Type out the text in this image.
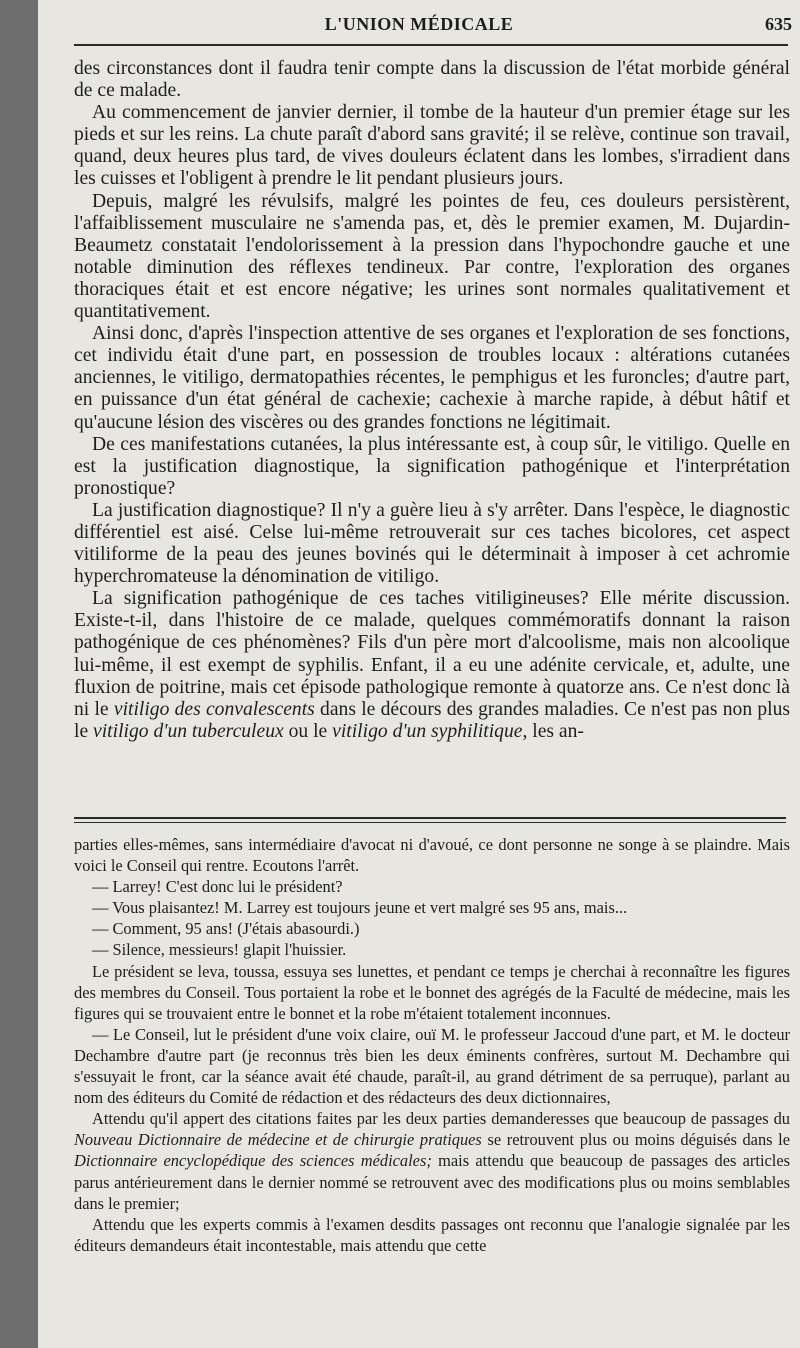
L'UNION MÉDICALE	635

des circonstances dont il faudra tenir compte dans la discussion de l'état morbide général de ce malade.

Au commencement de janvier dernier, il tombe de la hauteur d'un premier étage sur les pieds et sur les reins. La chute paraît d'abord sans gravité; il se relève, continue son travail, quand, deux heures plus tard, de vives douleurs éclatent dans les lombes, s'irradient dans les cuisses et l'obligent à prendre le lit pendant plusieurs jours.

Depuis, malgré les révulsifs, malgré les pointes de feu, ces douleurs persistèrent, l'affaiblissement musculaire ne s'amenda pas, et, dès le premier examen, M. Dujardin-Beaumetz constatait l'endolorissement à la pression dans l'hypochondre gauche et une notable diminution des réflexes tendineux. Par contre, l'exploration des organes thoraciques était et est encore négative; les urines sont normales qualitativement et quantitativement.

Ainsi donc, d'après l'inspection attentive de ses organes et l'exploration de ses fonctions, cet individu était d'une part, en possession de troubles locaux : altérations cutanées anciennes, le vitiligo, dermatopathies récentes, le pemphigus et les furoncles; d'autre part, en puissance d'un état général de cachexie; cachexie à marche rapide, à début hâtif et qu'aucune lésion des viscères ou des grandes fonctions ne légitimait.

De ces manifestations cutanées, la plus intéressante est, à coup sûr, le vitiligo. Quelle en est la justification diagnostique, la signification pathogénique et l'interprétation pronostique?

La justification diagnostique? Il n'y a guère lieu à s'y arrêter. Dans l'espèce, le diagnostic différentiel est aisé. Celse lui-même retrouverait sur ces taches bicolores, cet aspect vitiliforme de la peau des jeunes bovinés qui le déterminait à imposer à cet achromie hyperchromateuse la dénomination de vitiligo.

La signification pathogénique de ces taches vitiligineuses? Elle mérite discussion. Existe-t-il, dans l'histoire de ce malade, quelques commémoratifs donnant la raison pathogénique de ces phénomènes? Fils d'un père mort d'alcoolisme, mais non alcoolique lui-même, il est exempt de syphilis. Enfant, il a eu une adénite cervicale, et, adulte, une fluxion de poitrine, mais cet épisode pathologique remonte à quatorze ans. Ce n'est donc là ni le vitiligo des convalescents dans le décours des grandes maladies. Ce n'est pas non plus le vitiligo d'un tuberculeux ou le vitiligo d'un syphilitique, les an-

parties elles-mêmes, sans intermédiaire d'avocat ni d'avoué, ce dont personne ne songe à se plaindre. Mais voici le Conseil qui rentre. Ecoutons l'arrêt.

— Larrey! C'est donc lui le président?

— Vous plaisantez! M. Larrey est toujours jeune et vert malgré ses 95 ans, mais...

— Comment, 95 ans! (J'étais abasourdi.)

— Silence, messieurs! glapit l'huissier.

Le président se leva, toussa, essuya ses lunettes, et pendant ce temps je cherchai à reconnaître les figures des membres du Conseil. Tous portaient la robe et le bonnet des agrégés de la Faculté de médecine, mais les figures qui se trouvaient entre le bonnet et la robe m'étaient totalement inconnues.

— Le Conseil, lut le président d'une voix claire, ouï M. le professeur Jaccoud d'une part, et M. le docteur Dechambre d'autre part (je reconnus très bien les deux éminents confrères, surtout M. Dechambre qui s'essuyait le front, car la séance avait été chaude, paraît-il, au grand détriment de sa perruque), parlant au nom des éditeurs du Comité de rédaction et des rédacteurs des deux dictionnaires,

Attendu qu'il appert des citations faites par les deux parties demanderesses que beaucoup de passages du Nouveau Dictionnaire de médecine et de chirurgie pratiques se retrouvent plus ou moins déguisés dans le Dictionnaire encyclopédique des sciences médicales; mais attendu que beaucoup de passages des articles parus antérieurement dans le dernier nommé se retrouvent avec des modifications plus ou moins semblables dans le premier;

Attendu que les experts commis à l'examen desdits passages ont reconnu que l'analogie signalée par les éditeurs demandeurs était incontestable, mais attendu que cette
